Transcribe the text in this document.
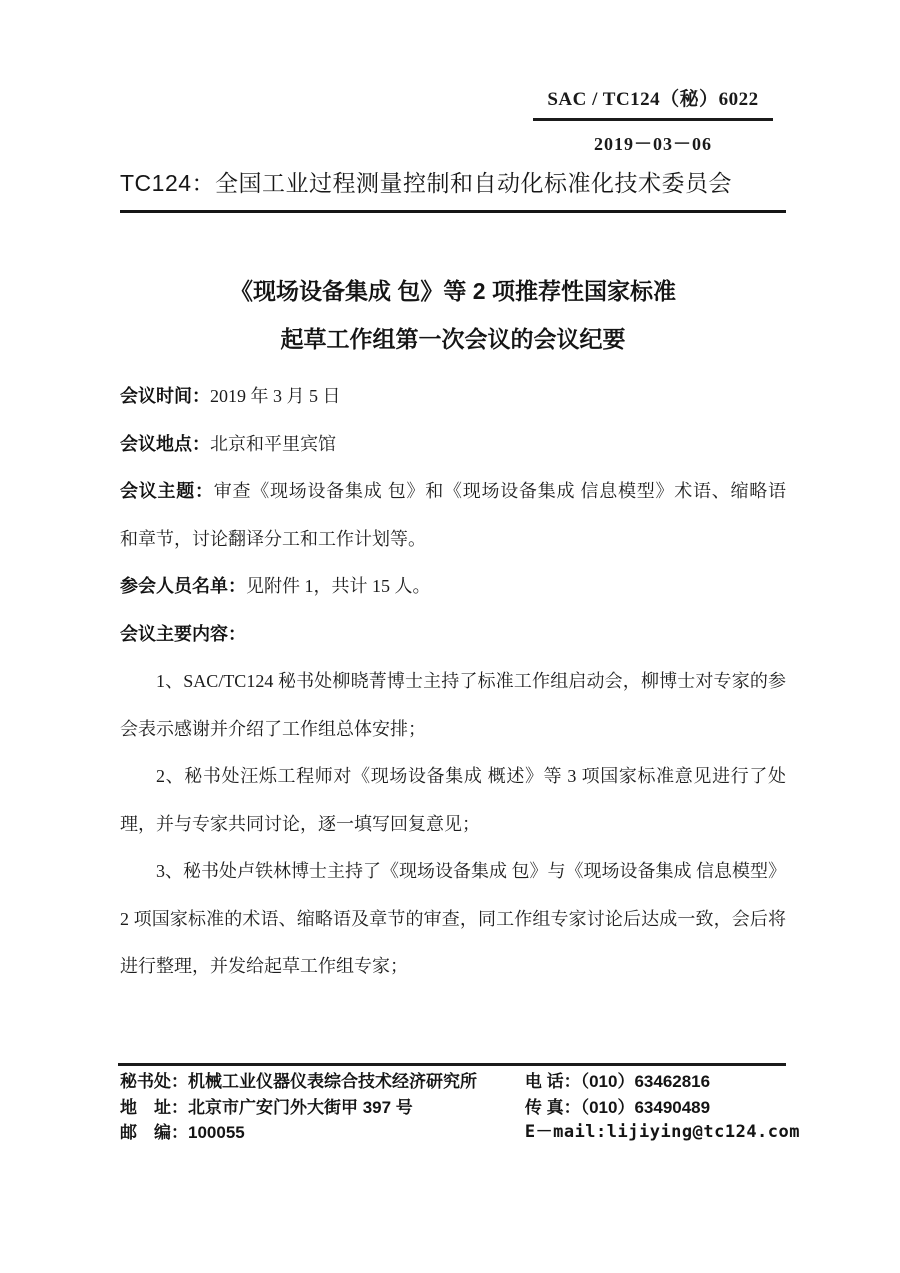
SAC / TC124（秘）6022
2019－03－06
TC124：全国工业过程测量控制和自动化标准化技术委员会
《现场设备集成 包》等 2 项推荐性国家标准
起草工作组第一次会议的会议纪要
会议时间：2019 年 3 月 5 日
会议地点：北京和平里宾馆
会议主题：审查《现场设备集成 包》和《现场设备集成 信息模型》术语、缩略语
和章节，讨论翻译分工和工作计划等。
参会人员名单：见附件 1，共计 15 人。
会议主要内容：
1、SAC/TC124 秘书处柳晓菁博士主持了标准工作组启动会，柳博士对专家的参
会表示感谢并介绍了工作组总体安排；
2、秘书处汪烁工程师对《现场设备集成 概述》等 3 项国家标准意见进行了处
理，并与专家共同讨论，逐一填写回复意见；
3、秘书处卢铁林博士主持了《现场设备集成 包》与《现场设备集成 信息模型》
2 项国家标准的术语、缩略语及章节的审查，同工作组专家讨论后达成一致，会后将
进行整理，并发给起草工作组专家；
秘书处：机械工业仪器仪表综合技术经济研究所
地　址：北京市广安门外大街甲 397 号
邮　编：100055
电 话：（010）63462816
传 真：（010）63490489
E－mail:lijiying@tc124.com
